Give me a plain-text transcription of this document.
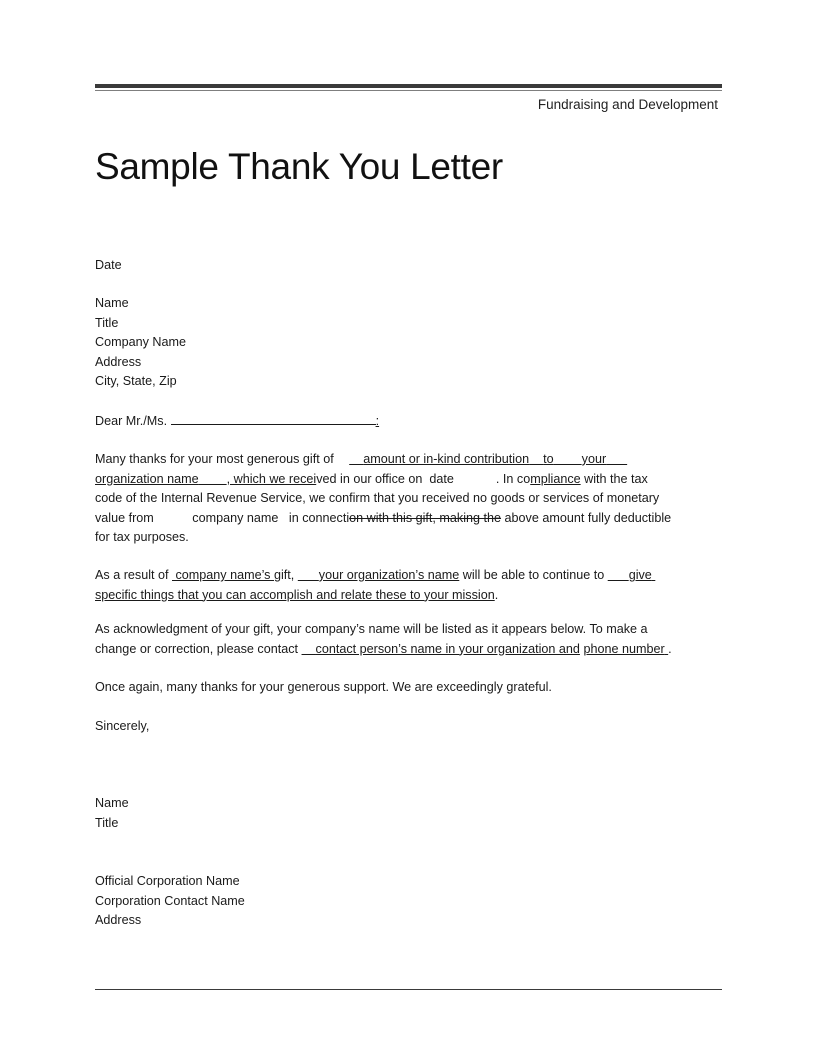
Fundraising and Development
Sample Thank You Letter
Date
Name
Title
Company Name
Address
City, State, Zip
Dear Mr./Ms.	:
Many thanks for your most generous gift of amount or in-kind contribution to your
organization name , which we received in our office on date	. In compliance with the tax
code of the Internal Revenue Service, we confirm that you received no goods or services of monetary
value from	company name in connection with this gift, making the above amount fully deductible
for tax purposes.
As a result of company name’s gift, your organization’s name will be able to continue to give
specific things that you can accomplish and relate these to your mission.
As acknowledgment of your gift, your company’s name will be listed as it appears below. To make a
change or correction, please contact contact person’s name in your organization and phone number .
Once again, many thanks for your generous support. We are exceedingly grateful.
Sincerely,
Name
Title
Official Corporation Name
Corporation Contact Name
Address
